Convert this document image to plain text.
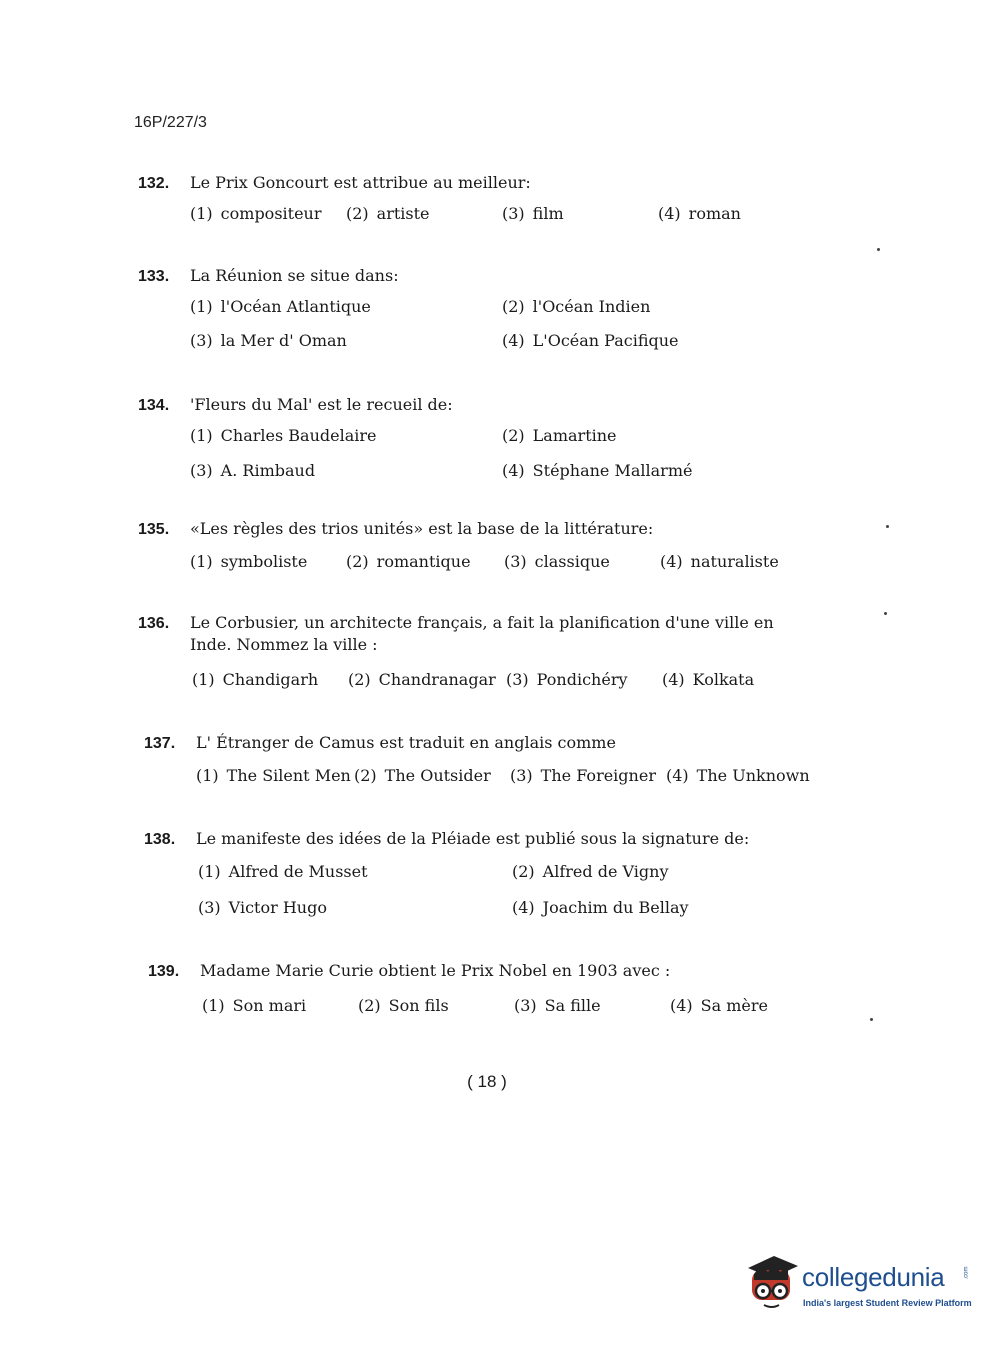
16P/227/3
132.	Le Prix Goncourt est attribue au meilleur:
(1) compositeur (2) artiste	(3) film	(4) roman
133.	La Réunion se situe dans:
(1) l'Océan Atlantique	(2) l'Océan Indien
(3) la Mer d' Oman	(4) L'Océan Pacifique
134.	'Fleurs du Mal' est le recueil de:
(1) Charles Baudelaire	(2) Lamartine
(3) A. Rimbaud	(4) Stéphane Mallarmé
135.	«Les règles des trios unités» est la base de la littérature:
(1) symboliste (2) romantique (3) classique	(4) naturaliste
136.	Le Corbusier, un architecte français, a fait la planification d'une ville en Inde. Nommez la ville :
(1) Chandigarh (2) Chandranagar (3) Pondichéry (4) Kolkata
137.	L' Étranger de Camus est traduit en anglais comme
(1) The Silent Men (2) The Outsider (3) The Foreigner (4) The Unknown
138.	Le manifeste des idées de la Pléiade est publié sous la signature de:
(1) Alfred de Musset	(2) Alfred de Vigny
(3) Victor Hugo	(4) Joachim du Bellay
139.	Madame Marie Curie obtient le Prix Nobel en 1903 avec :
(1) Son mari	(2) Son fils	(3) Sa fille	(4) Sa mère
( 18 )
collegedunia	.com
India's largest Student Review Platform
